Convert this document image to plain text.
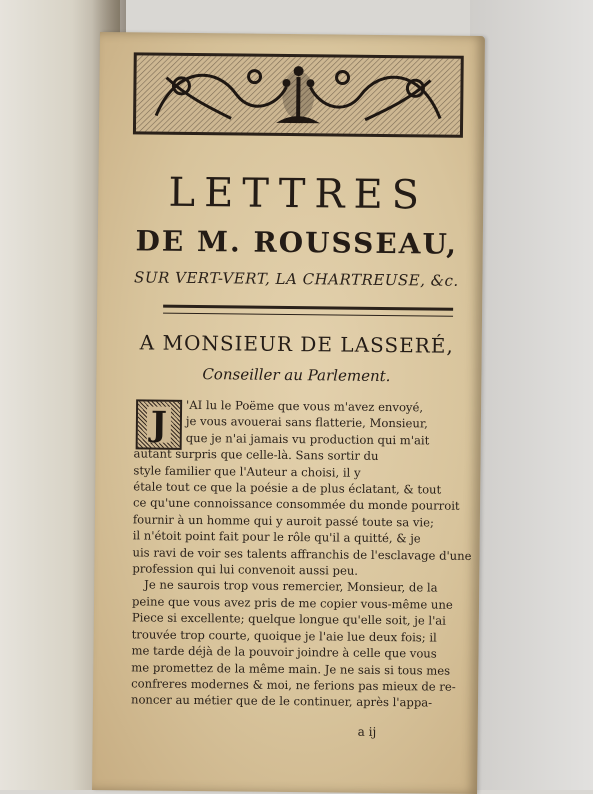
LETTRES
DE M. ROUSSEAU,
SUR VERT-VERT, LA CHARTREUSE, &c.
A MONSIEUR DE LASSERÉ,
Conseiller au Parlement.
J	'AI lu le Poëme que vous m'avez envoyé,
je vous avouerai sans flatterie, Monsieur,
que je n'ai jamais vu production qui m'ait
autant surpris que celle-là. Sans sortir du
style familier que l'Auteur a choisi, il y
étale tout ce que la poésie a de plus éclatant, & tout
ce qu'une connoissance consommée du monde pourroit
fournir à un homme qui y auroit passé toute sa vie;
il n'étoit point fait pour le rôle qu'il a quitté, & je
uis ravi de voir ses talents affranchis de l'esclavage d'une
profession qui lui convenoit aussi peu.
Je ne saurois trop vous remercier, Monsieur, de la
peine que vous avez pris de me copier vous-même une
Piece si excellente; quelque longue qu'elle soit, je l'ai
trouvée trop courte, quoique je l'aie lue deux fois; il
me tarde déjà de la pouvoir joindre à celle que vous
me promettez de la même main. Je ne sais si tous mes
confreres modernes & moi, ne ferions pas mieux de re-
noncer au métier que de le continuer, après l'appa-
a ij
